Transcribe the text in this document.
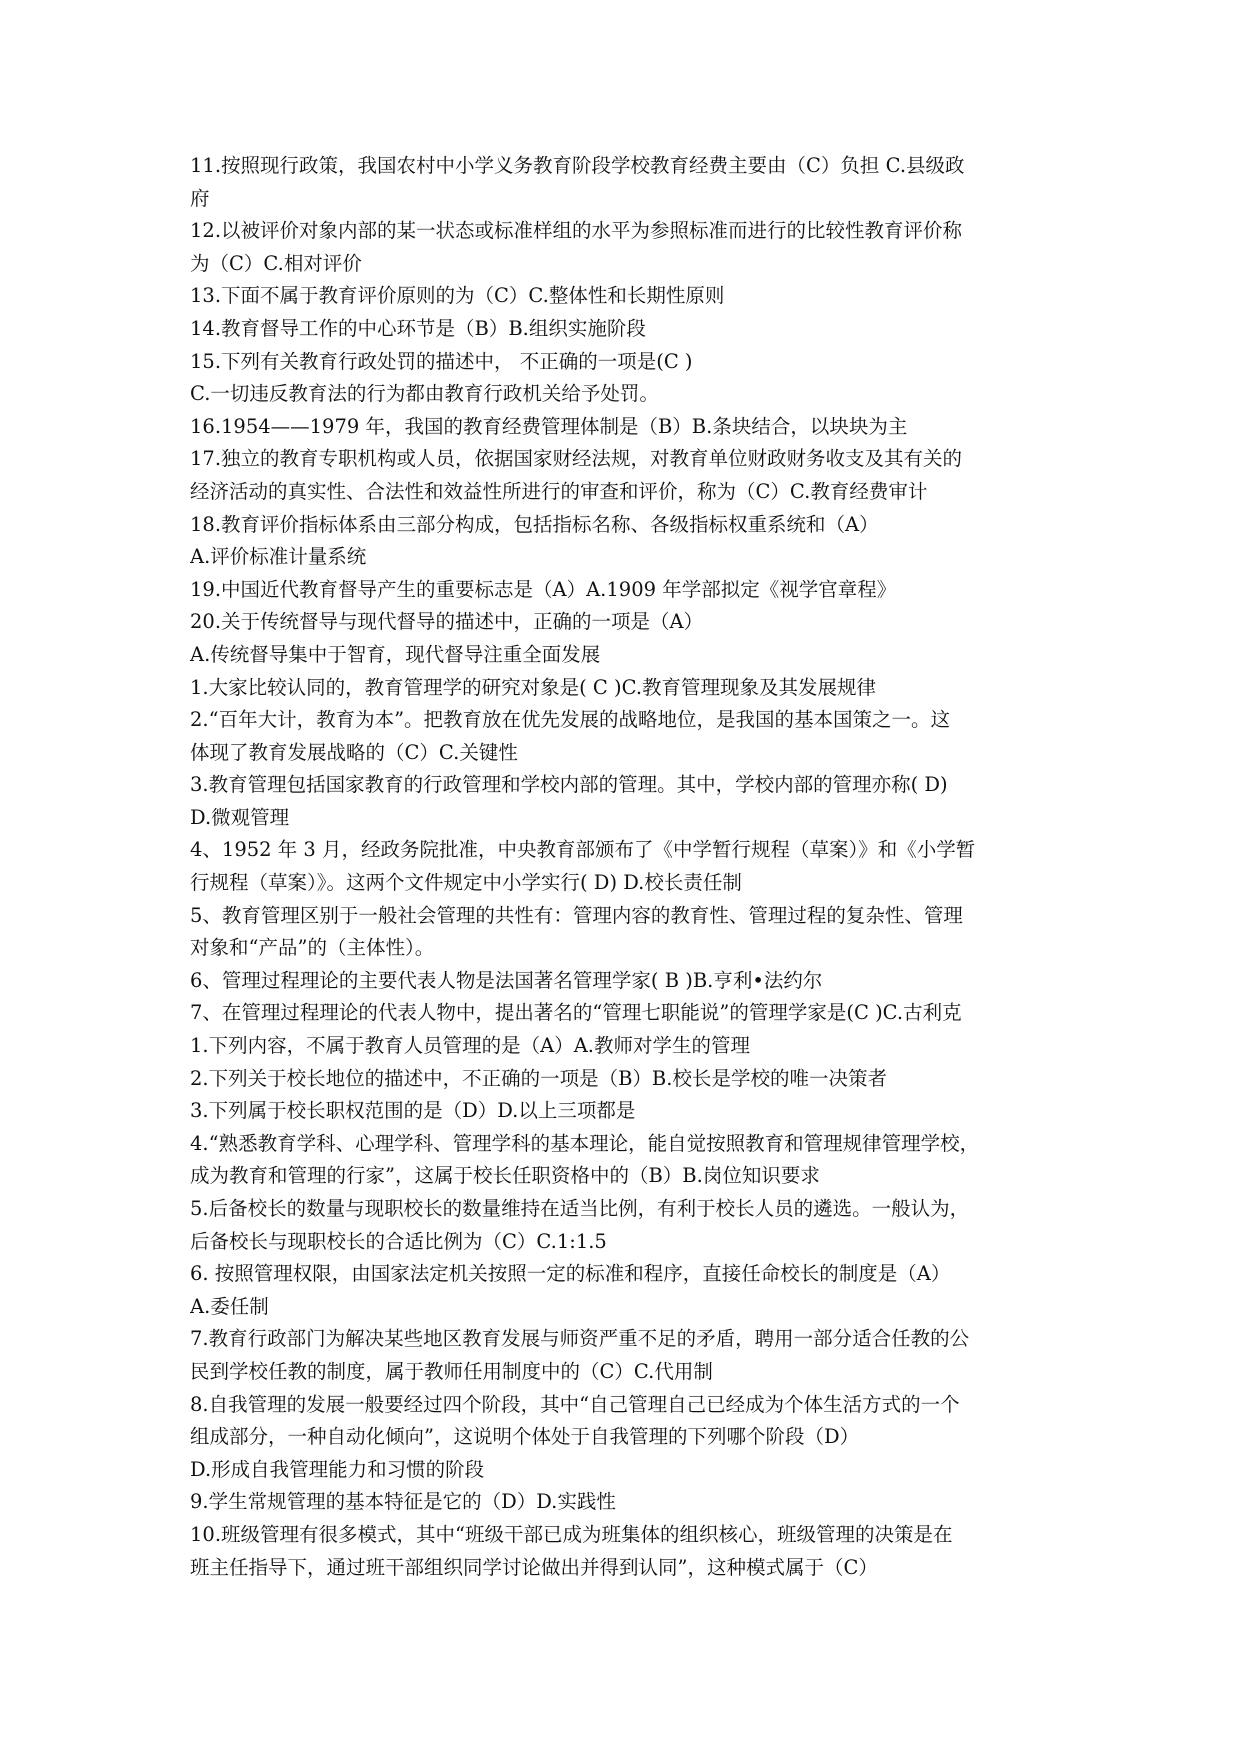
11.按照现行政策，我国农村中小学义务教育阶段学校教育经费主要由（C）负担 C.县级政
府
12.以被评价对象内部的某一状态或标准样组的水平为参照标准而进行的比较性教育评价称
为（C）C.相对评价
13.下面不属于教育评价原则的为（C）C.整体性和长期性原则
14.教育督导工作的中心环节是（B）B.组织实施阶段
15.下列有关教育行政处罚的描述中， 不正确的一项是(C )
C.一切违反教育法的行为都由教育行政机关给予处罚。
16.1954——1979 年，我国的教育经费管理体制是（B）B.条块结合，以块块为主
17.独立的教育专职机构或人员，依据国家财经法规，对教育单位财政财务收支及其有关的
经济活动的真实性、合法性和效益性所进行的审查和评价，称为（C）C.教育经费审计
18.教育评价指标体系由三部分构成，包括指标名称、各级指标权重系统和（A）
A.评价标准计量系统
19.中国近代教育督导产生的重要标志是（A）A.1909 年学部拟定《视学官章程》
20.关于传统督导与现代督导的描述中，正确的一项是（A）
A.传统督导集中于智育，现代督导注重全面发展
1.大家比较认同的，教育管理学的研究对象是( C )C.教育管理现象及其发展规律
2.“百年大计，教育为本”。把教育放在优先发展的战略地位，是我国的基本国策之一。这
体现了教育发展战略的（C）C.关键性
3.教育管理包括国家教育的行政管理和学校内部的管理。其中，学校内部的管理亦称( D)
D.微观管理
4、1952 年 3 月，经政务院批准，中央教育部颁布了《中学暂行规程（草案）》和《小学暂
行规程（草案）》。这两个文件规定中小学实行( D) D.校长责任制
5、教育管理区别于一般社会管理的共性有：管理内容的教育性、管理过程的复杂性、管理
对象和“产品”的（主体性）。
6、管理过程理论的主要代表人物是法国著名管理学家( B )B.亨利•法约尔
7、在管理过程理论的代表人物中，提出著名的“管理七职能说”的管理学家是(C )C.古利克
1.下列内容，不属于教育人员管理的是（A）A.教师对学生的管理
2.下列关于校长地位的描述中，不正确的一项是（B）B.校长是学校的唯一决策者
3.下列属于校长职权范围的是（D）D.以上三项都是
4.“熟悉教育学科、心理学科、管理学科的基本理论，能自觉按照教育和管理规律管理学校，
成为教育和管理的行家”，这属于校长任职资格中的（B）B.岗位知识要求
5.后备校长的数量与现职校长的数量维持在适当比例，有利于校长人员的遴选。一般认为，
后备校长与现职校长的合适比例为（C）C.1:1.5
6. 按照管理权限，由国家法定机关按照一定的标准和程序，直接任命校长的制度是（A）
A.委任制
7.教育行政部门为解决某些地区教育发展与师资严重不足的矛盾，聘用一部分适合任教的公
民到学校任教的制度，属于教师任用制度中的（C）C.代用制
8.自我管理的发展一般要经过四个阶段，其中“自己管理自己已经成为个体生活方式的一个
组成部分，一种自动化倾向”，这说明个体处于自我管理的下列哪个阶段（D）
D.形成自我管理能力和习惯的阶段
9.学生常规管理的基本特征是它的（D）D.实践性
10.班级管理有很多模式，其中“班级干部已成为班集体的组织核心，班级管理的决策是在
班主任指导下，通过班干部组织同学讨论做出并得到认同”，这种模式属于（C）
